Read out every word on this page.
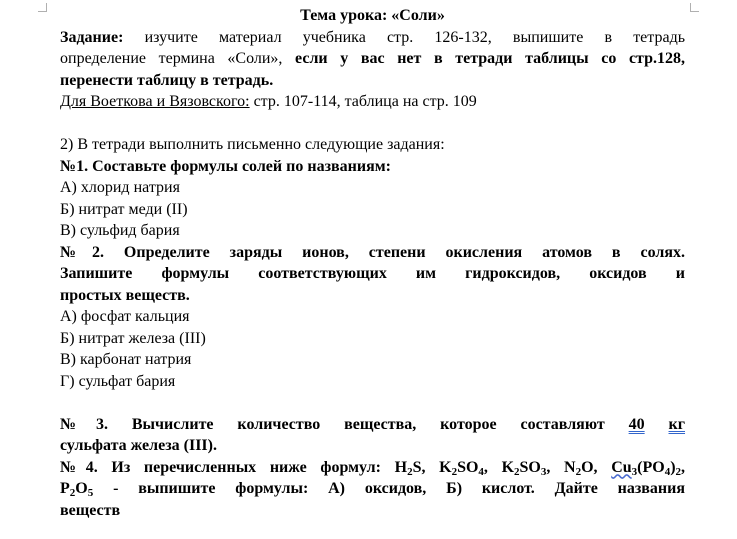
Тема урока: «Соли»
Задание: изучите материал учебника стр. 126-132, выпишите в тетрадь
определение термина «Соли», если у вас нет в тетради таблицы со стр.128,
перенести таблицу в тетрадь.
Для Воеткова и Вязовского: стр. 107-114, таблица на стр. 109
2) В тетради выполнить письменно следующие задания:
№1. Составьте формулы солей по названиям:
А) хлорид натрия
Б) нитрат меди (II)
В) сульфид бария
№2. Определите заряды ионов, степени окисления атомов в солях.
Запишите формулы соответствующих им гидроксидов, оксидов и
простых веществ.
А) фосфат кальция
Б) нитрат железа (III)
В) карбонат натрия
Г) сульфат бария
№3. Вычислите количество вещества, которое составляют 40 кг
сульфата железа (III).
№4. Из перечисленных ниже формул: $H_2S$, $K_2SO_4$, $K_2SO_3$, $N_2O$, $Cu_3(PO_4)_2$,
$P_2O_5$ - выпишите формулы: А) оксидов, Б) кислот. Дайте названия
веществ
